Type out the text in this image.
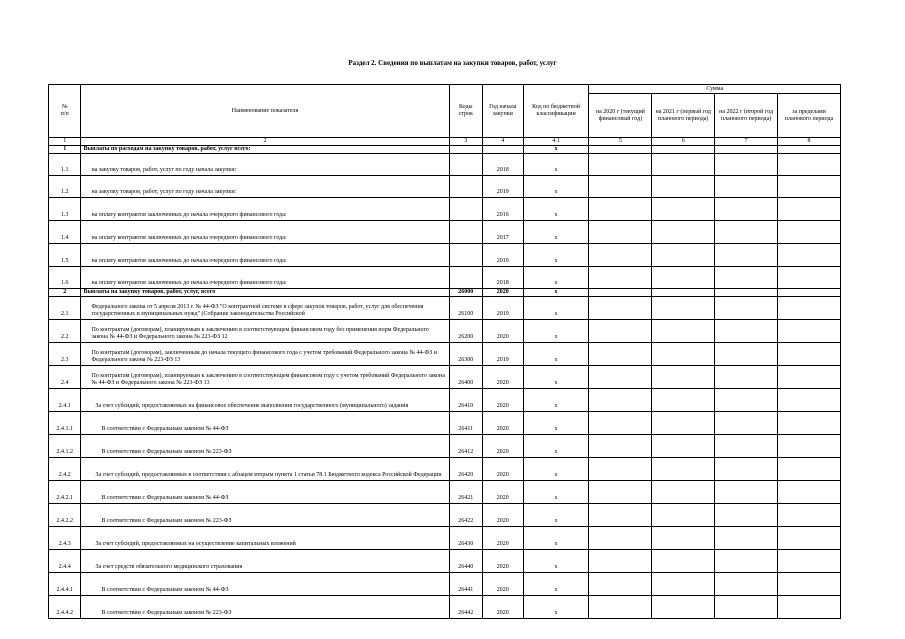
Раздел 2. Сведения по выплатам на закупки товаров, работ, услуг
№
п/п	Наименование показателя	Коды строк	Год начала закупки	Код по бюджетной классификации	Сумма			
					на 2020 г (текущий финансовый год)	на 2021 г (первый год планового периода)	на 2022 г (второй год планового периода)	за пределами планового периода
1	2	3	4	4.1	5	6	7	8
1	Выплаты по расходам на закупку товаров, работ, услуг всего:			x				
1.1	на закупку товаров, работ, услуг по году начала закупки:		2018	x				
1.2	на закупку товаров, работ, услуг по году начала закупки:		2019	x				
1.3	на оплату контрактов заключенных до начала очередного финансового года:		2016	x				
1.4	на оплату контрактов заключенных до начала очередного финансового года:		2017	x				
1.5	на оплату контрактов заключенных до начала очередного финансового года:		2019	x				
1.6	на оплату контрактов заключенных до начала очередного финансового года:		2018	x				
2	Выплаты на закупку товаров, работ, услуг, всего	26000	2020	x				
2.1	Федерального закона от 5 апреля 2013 г. № 44-ФЗ "О контрактной системе в сфере закупок товаров, работ, услуг для обеспечения государственных и муниципальных нужд" (Собрание законодательства Российской	26100	2019	x				
2.2	По контрактам (договорам), планируемым к заключению в соответствующем финансовом году без применения норм Федерального закона № 44-ФЗ и Федерального закона № 223-ФЗ 12	26200	2020	x				
2.3	По контрактам (договорам), заключенным до начала текущего финансового года с учетом требований Федерального закона № 44-ФЗ и Федерального закона № 223-ФЗ 13	26300	2019	x				
2.4	По контрактам (договорам), планируемым к заключению в соответствующем финансовом году с учетом требований Федерального закона № 44-ФЗ и Федерального закона № 223-ФЗ 13	26400	2020	x				
2.4.1	За счет субсидий, предоставляемых на финансовое обеспечение выполнения государственного (муниципального) задания	26410	2020	x				
2.4.1.1	В соответствии с Федеральным законом № 44-ФЗ	26411	2020	x				
2.4.1.2	В соответствии с Федеральным законом № 223-ФЗ	26412	2020	x				
2.4.2	За счет субсидий, предоставляемых в соответствии с абзацем вторым пункта 1 статьи 78.1 Бюджетного кодекса Российской Федерации	26420	2020	x				
2.4.2.1	В соответствии с Федеральным законом № 44-ФЗ	26421	2020	x				
2.4.2.2	В соответствии с Федеральным законом № 223-ФЗ	26422	2020	x				
2.4.3	За счет субсидий, предоставляемых на осуществление капитальных вложений	26430	2020	x				
2.4.4	За счет средств обязательного медицинского страхования	26440	2020	x				
2.4.4.1	В соответствии с Федеральным законом № 44-ФЗ	26441	2020	x				
2.4.4.2	В соответствии с Федеральным законом № 223-ФЗ	26442	2020	x				
